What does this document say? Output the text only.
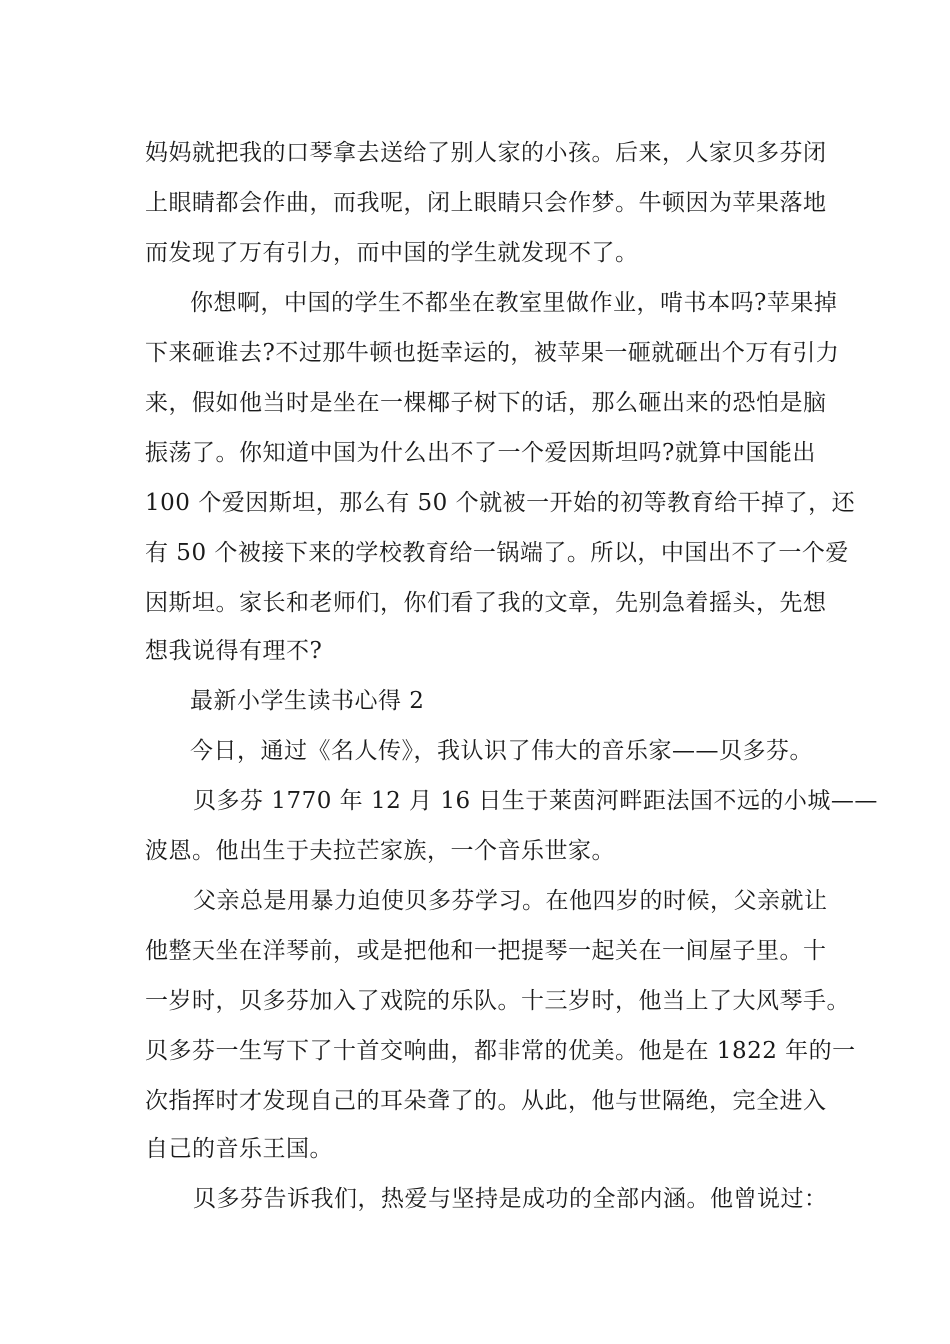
妈妈就把我的口琴拿去送给了别人家的小孩。后来，人家贝多芬闭
上眼睛都会作曲，而我呢，闭上眼睛只会作梦。牛顿因为苹果落地
而发现了万有引力，而中国的学生就发现不了。
你想啊，中国的学生不都坐在教室里做作业，啃书本吗?苹果掉
下来砸谁去?不过那牛顿也挺幸运的，被苹果一砸就砸出个万有引力
来，假如他当时是坐在一棵椰子树下的话，那么砸出来的恐怕是脑
振荡了。你知道中国为什么出不了一个爱因斯坦吗?就算中国能出
100 个爱因斯坦，那么有 50 个就被一开始的初等教育给干掉了，还
有 50 个被接下来的学校教育给一锅端了。所以，中国出不了一个爱
因斯坦。家长和老师们，你们看了我的文章，先别急着摇头，先想
想我说得有理不?
最新小学生读书心得 2
今日，通过《名人传》，我认识了伟大的音乐家——贝多芬。
贝多芬 1770 年 12 月 16 日生于莱茵河畔距法国不远的小城——
波恩。他出生于夫拉芒家族，一个音乐世家。
父亲总是用暴力迫使贝多芬学习。在他四岁的时候，父亲就让
他整天坐在洋琴前，或是把他和一把提琴一起关在一间屋子里。十
一岁时，贝多芬加入了戏院的乐队。十三岁时，他当上了大风琴手。
贝多芬一生写下了十首交响曲，都非常的优美。他是在 1822 年的一
次指挥时才发现自己的耳朵聋了的。从此，他与世隔绝，完全进入
自己的音乐王国。
贝多芬告诉我们，热爱与坚持是成功的全部内涵。他曾说过：
